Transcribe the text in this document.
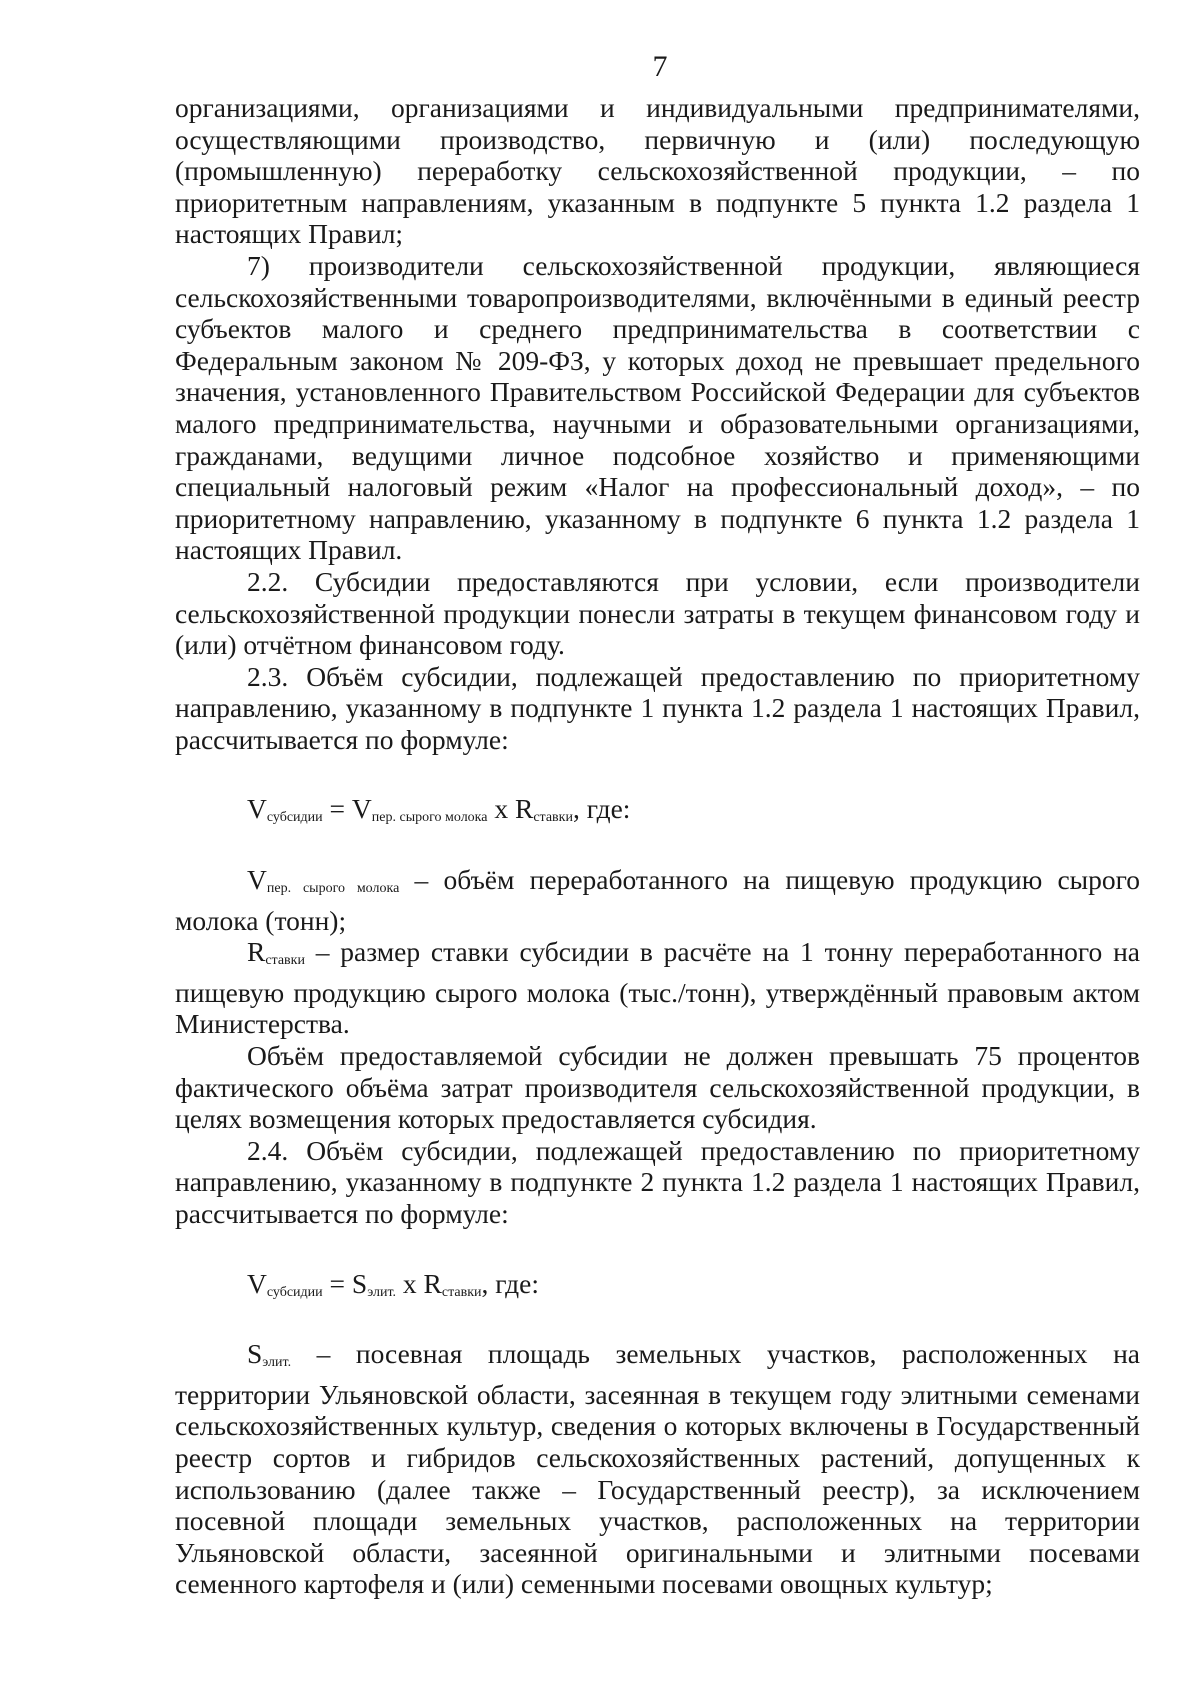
7

организациями, организациями и индивидуальными предпринимателями, осуществляющими производство, первичную и (или) последующую (промышленную) переработку сельскохозяйственной продукции, – по приоритетным направлениям, указанным в подпункте 5 пункта 1.2 раздела 1 настоящих Правил;

7) производители сельскохозяйственной продукции, являющиеся сельскохозяйственными товаропроизводителями, включёнными в единый реестр субъектов малого и среднего предпринимательства в соответствии с Федеральным законом № 209-ФЗ, у которых доход не превышает предельного значения, установленного Правительством Российской Федерации для субъектов малого предпринимательства, научными и образовательными организациями, гражданами, ведущими личное подсобное хозяйство и применяющими специальный налоговый режим «Налог на профессиональный доход», – по приоритетному направлению, указанному в подпункте 6 пункта 1.2 раздела 1 настоящих Правил.

2.2. Субсидии предоставляются при условии, если производители сельскохозяйственной продукции понесли затраты в текущем финансовом году и (или) отчётном финансовом году.

2.3. Объём субсидии, подлежащей предоставлению по приоритетному направлению, указанному в подпункте 1 пункта 1.2 раздела 1 настоящих Правил, рассчитывается по формуле:

$V_{субсидии} = V_{пер. сырого молока}$ x $R_{ставки}$, где:

$V_{пер. сырого молока}$ – объём переработанного на пищевую продукцию сырого молока (тонн);

$R_{ставки}$ – размер ставки субсидии в расчёте на 1 тонну переработанного на пищевую продукцию сырого молока (тыс./тонн), утверждённый правовым актом Министерства.

Объём предоставляемой субсидии не должен превышать 75 процентов фактического объёма затрат производителя сельскохозяйственной продукции, в целях возмещения которых предоставляется субсидия.

2.4. Объём субсидии, подлежащей предоставлению по приоритетному направлению, указанному в подпункте 2 пункта 1.2 раздела 1 настоящих Правил, рассчитывается по формуле:

$V_{субсидии} = S_{элит.}$ x $R_{ставки}$, где:

$S_{элит.}$ – посевная площадь земельных участков, расположенных на территории Ульяновской области, засеянная в текущем году элитными семенами сельскохозяйственных культур, сведения о которых включены в Государственный реестр сортов и гибридов сельскохозяйственных растений, допущенных к использованию (далее также – Государственный реестр), за исключением посевной площади земельных участков, расположенных на территории Ульяновской области, засеянной оригинальными и элитными посевами семенного картофеля и (или) семенными посевами овощных культур;
